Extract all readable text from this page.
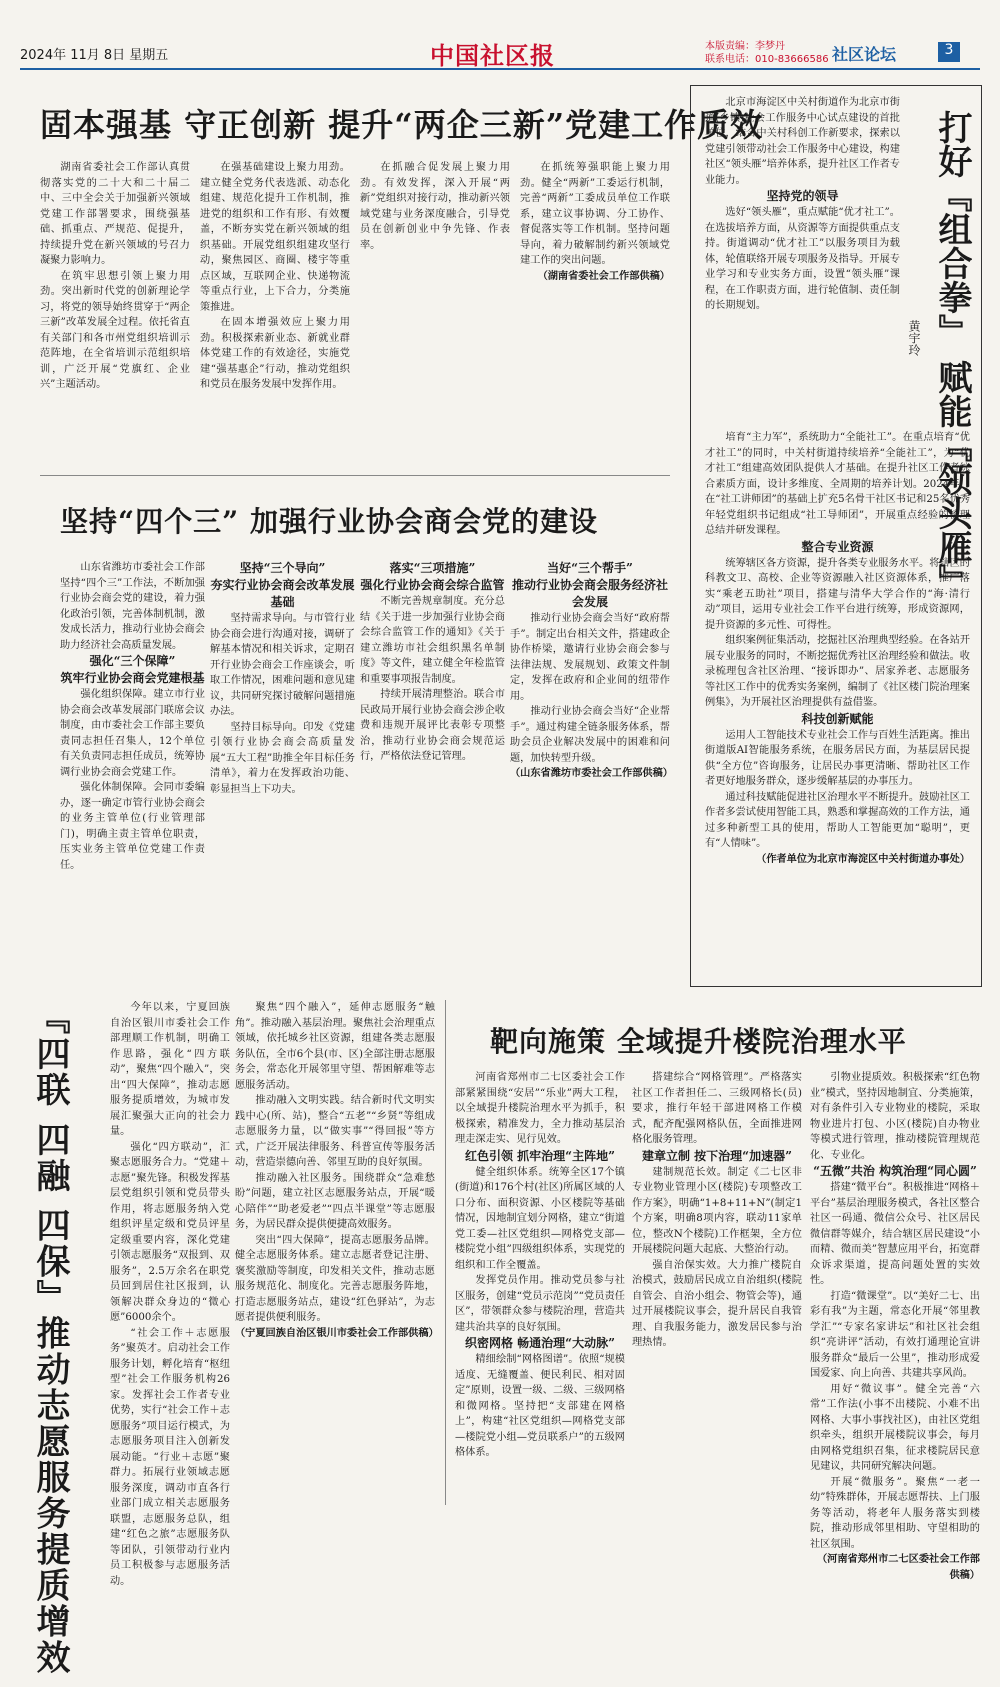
2024年 11月 8日 星期五	中国社区报	本版责编：李梦丹
联系电话：010-83666586 社区论坛	3
固本强基 守正创新 提升“两企三新”党建工作质效

湖南省委社会工作部认真贯彻落实党的二十大和二十届二中、三中全会关于加强新兴领域党建工作部署要求，围绕强基础、抓重点、严规范、促提升，持续提升党在新兴领域的号召力凝聚力影响力。

在筑牢思想引领上聚力用劲。突出新时代党的创新理论学习，将党的领导始终贯穿于“两企三新”改革发展全过程。依托省直有关部门和各市州党组织培训示范阵地，在全省培训示范组织培训，广泛开展“党旗红、企业兴”主题活动。

在强基础建设上聚力用劲。建立健全党务代表选派、动态化组建、规范化提升工作机制，推进党的组织和工作有形、有效覆盖，不断夯实党在新兴领域的组织基础。开展党组织组建攻坚行动，聚焦园区、商圈、楼宇等重点区域，互联网企业、快递物流等重点行业，上下合力，分类施策推进。

在固本增强效应上聚力用劲。积极探索新业态、新就业群体党建工作的有效途径，实施党建“强基惠企”行动，推动党组织和党员在服务发展中发挥作用。

在抓融合促发展上聚力用劲。有效发挥，深入开展“两新”党组织对接行动，推动新兴领域党建与业务深度融合，引导党员在创新创业中争先锋、作表率。

在抓统筹强职能上聚力用劲。健全“两新”工委运行机制，完善“两新”工委成员单位工作联系，建立议事协调、分工协作、督促落实等工作机制。坚持问题导向，着力破解制约新兴领域党建工作的突出问题。

（湖南省委社会工作部供稿）

坚持“四个三” 加强行业协会商会党的建设

山东省潍坊市委社会工作部坚持“四个三”工作法，不断加强行业协会商会党的建设，着力强化政治引领，完善体制机制，激发成长活力，推动行业协会商会助力经济社会高质量发展。

强化“三个保障”
筑牢行业协会商会党建根基

强化组织保障。建立市行业协会商会改革发展部门联席会议制度，由市委社会工作部主要负责同志担任召集人，12个单位有关负责同志担任成员，统筹协调行业协会商会党建工作。

强化体制保障。会同市委编办，逐一确定市管行业协会商会的业务主管单位(行业管理部门)，明确主责主管单位职责，压实业务主管单位党建工作责任。

坚持“三个导向”
夯实行业协会商会改革发展基础

坚持需求导向。与市管行业协会商会进行沟通对接，调研了解基本情况和相关诉求，定期召开行业协会商会工作座谈会，听取工作情况，困难问题和意见建议，共同研究探讨破解问题措施办法。

坚持目标导向。印发《党建引领行业协会商会高质量发展“五大工程”助推全年目标任务清单》，着力在发挥政治功能、彰显担当上下功夫。

落实“三项措施”
强化行业协会商会综合监管

不断完善规章制度。充分总结《关于进一步加强行业协会商会综合监管工作的通知》《关于建立潍坊市社会组织黑名单制度》等文件，建立健全年检监管和重要事项报告制度。

持续开展清理整治。联合市民政局开展行业协会商会涉企收费和违规开展评比表彰专项整治，推动行业协会商会规范运行，严格依法登记管理。

当好“三个帮手”
推动行业协会商会服务经济社会发展

推动行业协会商会当好“政府帮手”。制定出台相关文件，搭建政企协作桥梁，邀请行业协会商会参与法律法规、发展规划、政策文件制定，发挥在政府和企业间的纽带作用。

推动行业协会商会当好“企业帮手”。通过构建全链条服务体系，帮助会员企业解决发展中的困难和问题，加快转型升级。

（山东省潍坊市委社会工作部供稿）

打好『组合拳』 赋能『领头雁』
黄宇玲

北京市海淀区中关村街道作为北京市街道(乡镇)社会工作服务中心试点建设的首批单位，结合中关村科创工作新要求，探索以党建引领带动社会工作服务中心建设，构建社区“领头雁”培养体系，提升社区工作者专业能力。

坚持党的领导

选好“领头雁”，重点赋能“优才社工”。在选拔培养方面，从资源等方面提供重点支持。街道调动“优才社工”以服务项目为载体，轮值联络开展专项服务及指导。开展专业学习和专业实务方面，设置“领头雁”课程，在工作职责方面，进行轮值制、责任制的长期规划。

培育“主力军”，系统助力“全能社工”。在重点培育“优才社工”的同时，中关村街道持续培养“全能社工”，为“优才社工”组建高效团队提供人才基础。在提升社区工作者综合素质方面，设计多维度、全周期的培养计划。2024年，在“社工讲师团”的基础上扩充5名骨干社区书记和25名优秀年轻党组织书记组成“社工导师团”，开展重点经验的梳理总结并研发课程。

整合专业资源

统筹辖区各方资源，提升各类专业服务水平。将辖区的科教文卫、高校、企业等资源融入社区资源体系，推广落实“乘老五助社”项目，搭建与清华大学合作的“海·清行动”项目，运用专业社会工作平台进行统筹，形成资源网，提升资源的多元性、可得性。

组织案例征集活动，挖掘社区治理典型经验。在各站开展专业服务的同时，不断挖掘优秀社区治理经验和做法。收录梳理包含社区治理、“接诉即办”、居家养老、志愿服务等社区工作中的优秀实务案例，编制了《社区楼门院治理案例集》，为开展社区治理提供有益借鉴。

科技创新赋能

运用人工智能技术专业社会工作与百姓生活距离。推出街道版AI智能服务系统，在服务居民方面，为基层居民提供“全方位”咨询服务，让居民办事更清晰、帮助社区工作者更好地服务群众，逐步缓解基层的办事压力。

通过科技赋能促进社区治理水平不断提升。鼓励社区工作者多尝试使用智能工具，熟悉和掌握高效的工作方法，通过多种新型工具的使用，帮助人工智能更加“聪明”，更有“人情味”。

（作者单位为北京市海淀区中关村街道办事处）

『四联 四融 四保』推动志愿服务提质增效	今年以来，宁夏回族自治区银川市委社会工作部理顺工作机制，明确工作思路，强化“四方联动”，聚焦“四个融入”，突出“四大保障”，推动志愿服务提质增效，为城市发展汇聚强大正向的社会力量。

强化“四方联动”，汇聚志愿服务合力。“党建＋志愿”聚先锋。积极发挥基层党组织引领和党员带头作用，将志愿服务纳入党组织评星定级和党员评星定级重要内容，深化党建引领志愿服务“双报到、双服务”，2.5万余名在职党员回到居住社区报到，认领解决群众身边的“微心愿”6000余个。

“社会工作＋志愿服务”聚英才。启动社会工作服务计划，孵化培育“枢纽型”社会工作服务机构26家。发挥社会工作者专业优势，实行“社会工作＋志愿服务”项目运行模式，为志愿服务项目注入创新发展动能。“行业＋志愿”聚群力。拓展行业领域志愿服务深度，调动市直各行业部门成立相关志愿服务联盟，志愿服务总队，组建“红色之旅”志愿服务队等团队，引领带动行业内员工积极参与志愿服务活动。

聚焦“四个融入”，延伸志愿服务“触角”。推动融入基层治理。聚焦社会治理重点领域，依托城乡社区资源，组建各类志愿服务队伍，全市6个县(市、区)全部注册志愿服务会，常态化开展邻里守望、帮困解难等志愿服务活动。

推动融入文明实践。结合新时代文明实践中心(所、站)，整合“五老”“乡贤”等组成志愿服务力量，以“做实事”“得回报”等方式，广泛开展法律服务、科普宣传等服务活动，营造崇德向善、邻里互助的良好氛围。

推动融入社区服务。围绕群众“急难愁盼”问题，建立社区志愿服务站点，开展“暖心陪伴”“助老爱老”“四点半课堂”等志愿服务，为居民群众提供便捷高效服务。

突出“四大保障”，提高志愿服务品牌。健全志愿服务体系。建立志愿者登记注册、褒奖激励等制度，印发相关文件，推动志愿服务规范化、制度化。完善志愿服务阵地，打造志愿服务站点，建设“红色驿站”，为志愿者提供便利服务。

（宁夏回族自治区银川市委社会工作部供稿）

靶向施策 全域提升楼院治理水平

河南省郑州市二七区委社会工作部紧紧围绕“安居”“乐业”两大工程，以全域提升楼院治理水平为抓手，积极探索，精准发力，全力推动基层治理走深走实、见行见效。

红色引领 抓牢治理“主阵地”

健全组织体系。统筹全区17个镇(街道)和176个村(社区)所属区域的人口分布、面积资源、小区楼院等基础情况，因地制宜划分网格，建立“街道党工委—社区党组织—网格党支部—楼院党小组”四级组织体系，实现党的组织和工作全覆盖。

发挥党员作用。推动党员参与社区服务，创建“党员示范岗”“党员责任区”，带领群众参与楼院治理，营造共建共治共享的良好氛围。

织密网格 畅通治理“大动脉”

精细绘制“网格图谱”。依照“规模适度、无缝覆盖、便民利民、相对固定”原则，设置一级、二级、三级网格和微网格。坚持把“支部建在网格上”，构建“社区党组织—网格党支部—楼院党小组—党员联系户”的五级网格体系。

搭建综合“网格管理”。严格落实社区工作者担任二、三级网格长(员)要求，推行年轻干部进网格工作模式，配齐配强网格队伍，全面推进网格化服务管理。

建章立制 按下治理“加速器”

建制规范长效。制定《二七区非专业物业管理小区(楼院)专项整改工作方案》，明确“1+8+11+N”(制定1个方案，明确8项内容，联动11家单位，整改N个楼院)工作框架，全方位开展楼院问题大起底、大整治行动。

强自治保实效。大力推广楼院自治模式，鼓励居民成立自治组织(楼院自管会、自治小组会、物管会等)，通过开展楼院议事会，提升居民自我管理、自我服务能力，激发居民参与治理热情。

引物业提质效。积极探索“红色物业”模式，坚持因地制宜、分类施策，对有条件引入专业物业的楼院，采取物业进片打包、小区(楼院)自办物业等模式进行管理，推动楼院管理规范化、专业化。

“五微”共治 构筑治理“同心圆”

搭建“微平台”。积极推进“网格＋平台”基层治理服务模式，各社区整合社区一码通、微信公众号、社区居民微信群等媒介，结合辖区居民建设“小而精、微而美”智慧应用平台，拓宽群众诉求渠道，提高问题处置的实效性。

打造“微课堂”。以“美好二七、出彩有我”为主题，常态化开展“邻里教学汇”“专家名家讲坛”和社区社会组织“亮讲评”活动，有效打通理论宣讲服务群众“最后一公里”，推动形成爱国爱家、向上向善、共建共享风尚。

用好“微议事”。健全完善“六常”工作法(小事不出楼院、小难不出网格、大事小事找社区)，由社区党组织牵头，组织开展楼院议事会，每月由网格党组织召集，征求楼院居民意见建议，共同研究解决问题。

开展“微服务”。聚焦“一老一幼”特殊群体，开展志愿帮扶、上门服务等活动，将老年人服务落实到楼院，推动形成邻里相助、守望相助的社区氛围。

（河南省郑州市二七区委社会工作部供稿）
